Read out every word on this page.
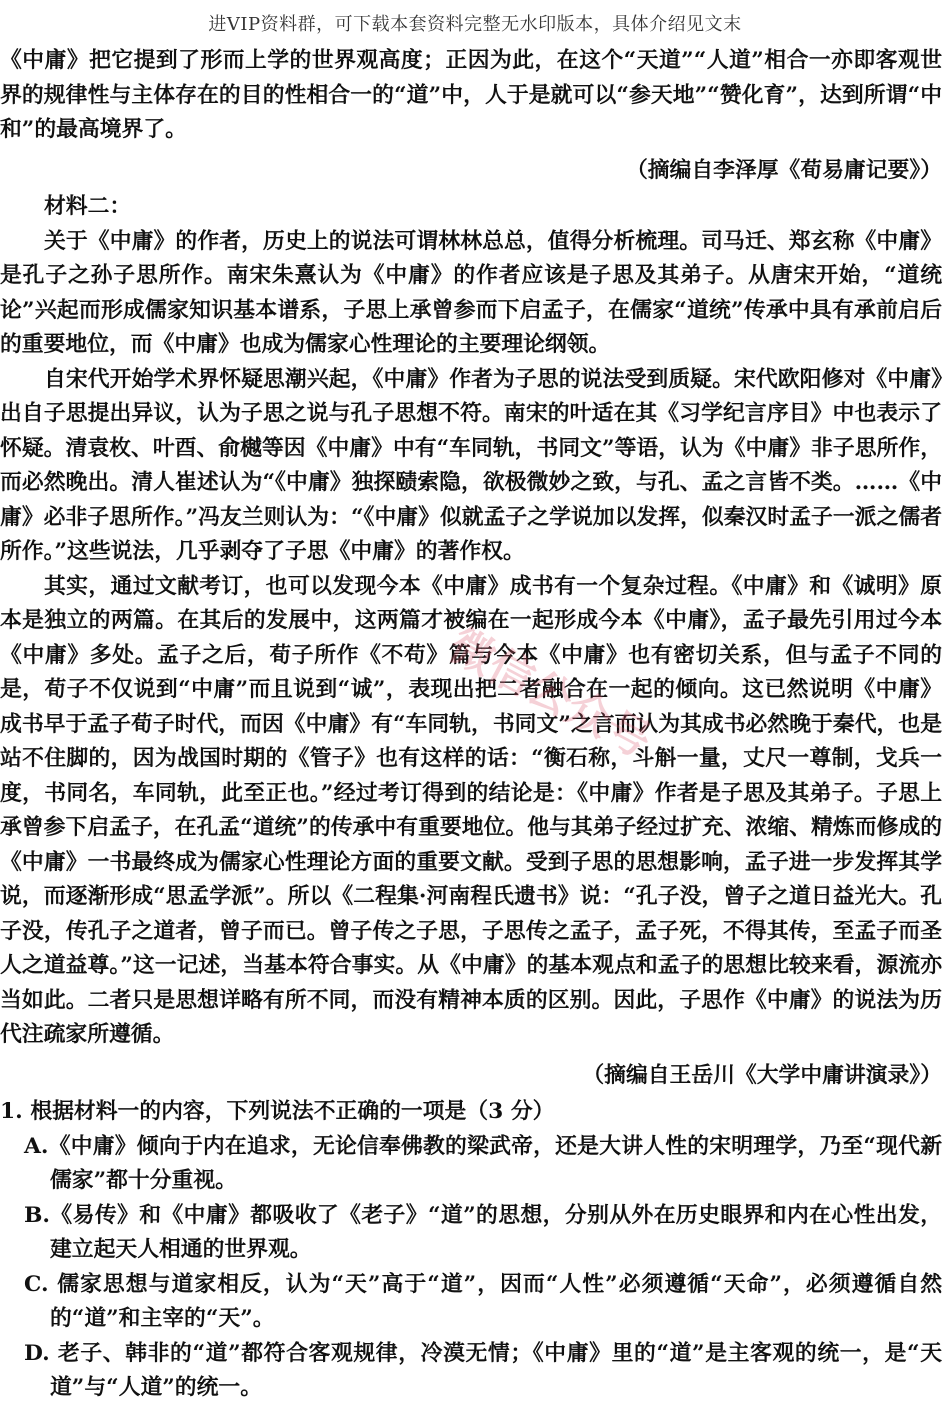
进VIP资料群，可下载本套资料完整无水印版本，具体介绍见文末

《中庸》把它提到了形而上学的世界观高度；正因为此，在这个“天道”“人道”相合一亦即客观世界的规律性与主体存在的目的性相合一的“道”中，人于是就可以“参天地”“赞化育”，达到所谓“中和”的最高境界了。

（摘编自李泽厚《荀易庸记要》）

材料二：

关于《中庸》的作者，历史上的说法可谓林林总总，值得分析梳理。司马迁、郑玄称《中庸》是孔子之孙子思所作。南宋朱熹认为《中庸》的作者应该是子思及其弟子。从唐宋开始，“道统论”兴起而形成儒家知识基本谱系，子思上承曾参而下启孟子，在儒家“道统”传承中具有承前启后的重要地位，而《中庸》也成为儒家心性理论的主要理论纲领。

自宋代开始学术界怀疑思潮兴起，《中庸》作者为子思的说法受到质疑。宋代欧阳修对《中庸》出自子思提出异议，认为子思之说与孔子思想不符。南宋的叶适在其《习学纪言序目》中也表示了怀疑。清袁枚、叶酉、俞樾等因《中庸》中有“车同轨，书同文”等语，认为《中庸》非子思所作，而必然晚出。清人崔述认为“《中庸》独探赜索隐，欲极微妙之致，与孔、孟之言皆不类。……《中庸》必非子思所作。”冯友兰则认为：“《中庸》似就孟子之学说加以发挥，似秦汉时孟子一派之儒者所作。”这些说法，几乎剥夺了子思《中庸》的著作权。

其实，通过文献考订，也可以发现今本《中庸》成书有一个复杂过程。《中庸》和《诚明》原本是独立的两篇。在其后的发展中，这两篇才被编在一起形成今本《中庸》，孟子最先引用过今本《中庸》多处。孟子之后，荀子所作《不苟》篇与今本《中庸》也有密切关系，但与孟子不同的是，荀子不仅说到“中庸”而且说到“诚”，表现出把二者融合在一起的倾向。这已然说明《中庸》成书早于孟子荀子时代，而因《中庸》有“车同轨，书同文”之言而认为其成书必然晚于秦代，也是站不住脚的，因为战国时期的《管子》也有这样的话：“衡石称，斗斛一量，丈尺一尊制，戈兵一度，书同名，车同轨，此至正也。”经过考订得到的结论是：《中庸》作者是子思及其弟子。子思上承曾参下启孟子，在孔孟“道统”的传承中有重要地位。他与其弟子经过扩充、浓缩、精炼而修成的《中庸》一书最终成为儒家心性理论方面的重要文献。受到子思的思想影响，孟子进一步发挥其学说，而逐渐形成“思孟学派”。所以《二程集·河南程氏遗书》说：“孔子没，曾子之道日益光大。孔子没，传孔子之道者，曾子而已。曾子传之子思，子思传之孟子，孟子死，不得其传，至孟子而圣人之道益尊。”这一记述，当基本符合事实。从《中庸》的基本观点和孟子的思想比较来看，源流亦当如此。二者只是思想详略有所不同，而没有精神本质的区别。因此，子思作《中庸》的说法为历代注疏家所遵循。

（摘编自王岳川《大学中庸讲演录》）

1. 根据材料一的内容，下列说法不正确的一项是（3 分）

A.《中庸》倾向于内在追求，无论信奉佛教的梁武帝，还是大讲人性的宋明理学，乃至“现代新儒家”都十分重视。

B.《易传》和《中庸》都吸收了《老子》“道”的思想，分别从外在历史眼界和内在心性出发，建立起天人相通的世界观。

C. 儒家思想与道家相反，认为“天”高于“道”，因而“人性”必须遵循“天命”，必须遵循自然的“道”和主宰的“天”。

D. 老子、韩非的“道”都符合客观规律，冷漠无情；《中庸》里的“道”是主客观的统一，是“天道”与“人道”的统一。

微信公众号
